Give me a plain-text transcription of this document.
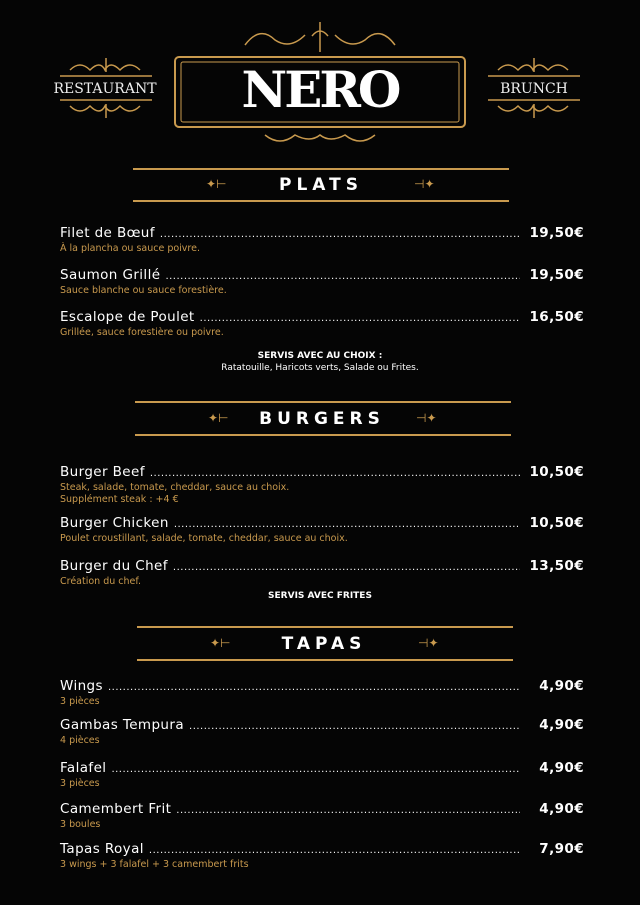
RESTAURANT	BRUNCH
NERO
✦⊢	PLATS	⊣✦
Filet de Bœuf .....	19,50€
À la plancha ou sauce poivre.
Saumon Grillé .....	19,50€
Sauce blanche ou sauce forestière.
Escalope de Poulet .....	16,50€
Grillée, sauce forestière ou poivre.
SERVIS AVEC AU CHOIX :
Ratatouille, Haricots verts, Salade ou Frites.
✦⊢	BURGERS	⊣✦
Burger Beef .....	10,50€
Steak, salade, tomate, cheddar, sauce au choix.
Supplément steak : +4 €
Burger Chicken .....	10,50€
Poulet croustillant, salade, tomate, cheddar, sauce au choix.
Burger du Chef .....	13,50€
Création du chef.
SERVIS AVEC FRITES
✦⊢	TAPAS	⊣✦
Wings .....	4,90€
3 pièces
Gambas Tempura .....	4,90€
4 pièces
Falafel .....	4,90€
3 pièces
Camembert Frit .....	4,90€
3 boules
Tapas Royal .....	7,90€
3 wings + 3 falafel + 3 camembert frits
